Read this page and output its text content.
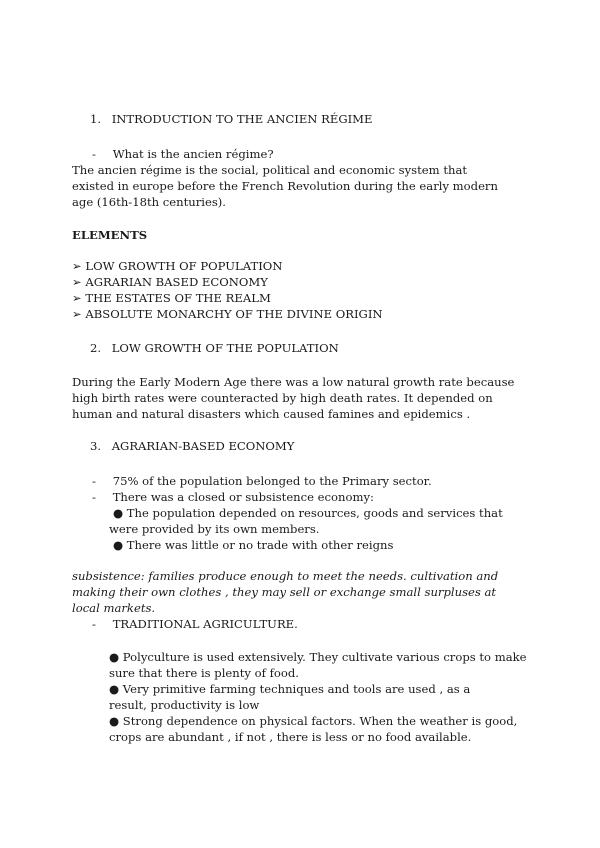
1. INTRODUCTION TO THE ANCIEN RÉGIME
- What is the ancien régime?

The ancien régime is the social, political and economic system that existed in europe before the French Revolution during the early modern age (16th-18th centuries).

ELEMENTS

➢ LOW GROWTH OF POPULATION
➢ AGRARIAN BASED ECONOMY
➢ THE ESTATES OF THE REALM
➢ ABSOLUTE MONARCHY OF THE DIVINE ORIGIN
2. LOW GROWTH OF THE POPULATION

During the Early Modern Age there was a low natural growth rate because high birth rates were counteracted by high death rates. It depended on human and natural disasters which caused famines and epidemics .

3. AGRARIAN-BASED ECONOMY
- 75% of the population belonged to the Primary sector.
- There was a closed or subsistence economy:

● The population depended on resources, goods and services that were provided by its own members.

● There was little or no trade with other reigns

subsistence: families produce enough to meet the needs. cultivation and making their own clothes , they may sell or exchange small surpluses at local markets.

- TRADITIONAL AGRICULTURE.

● Polyculture is used extensively. They cultivate various crops to make sure that there is plenty of food.

● Very primitive farming techniques and tools are used , as a result, productivity is low

● Strong dependence on physical factors. When the weather is good, crops are abundant , if not , there is less or no food available.
